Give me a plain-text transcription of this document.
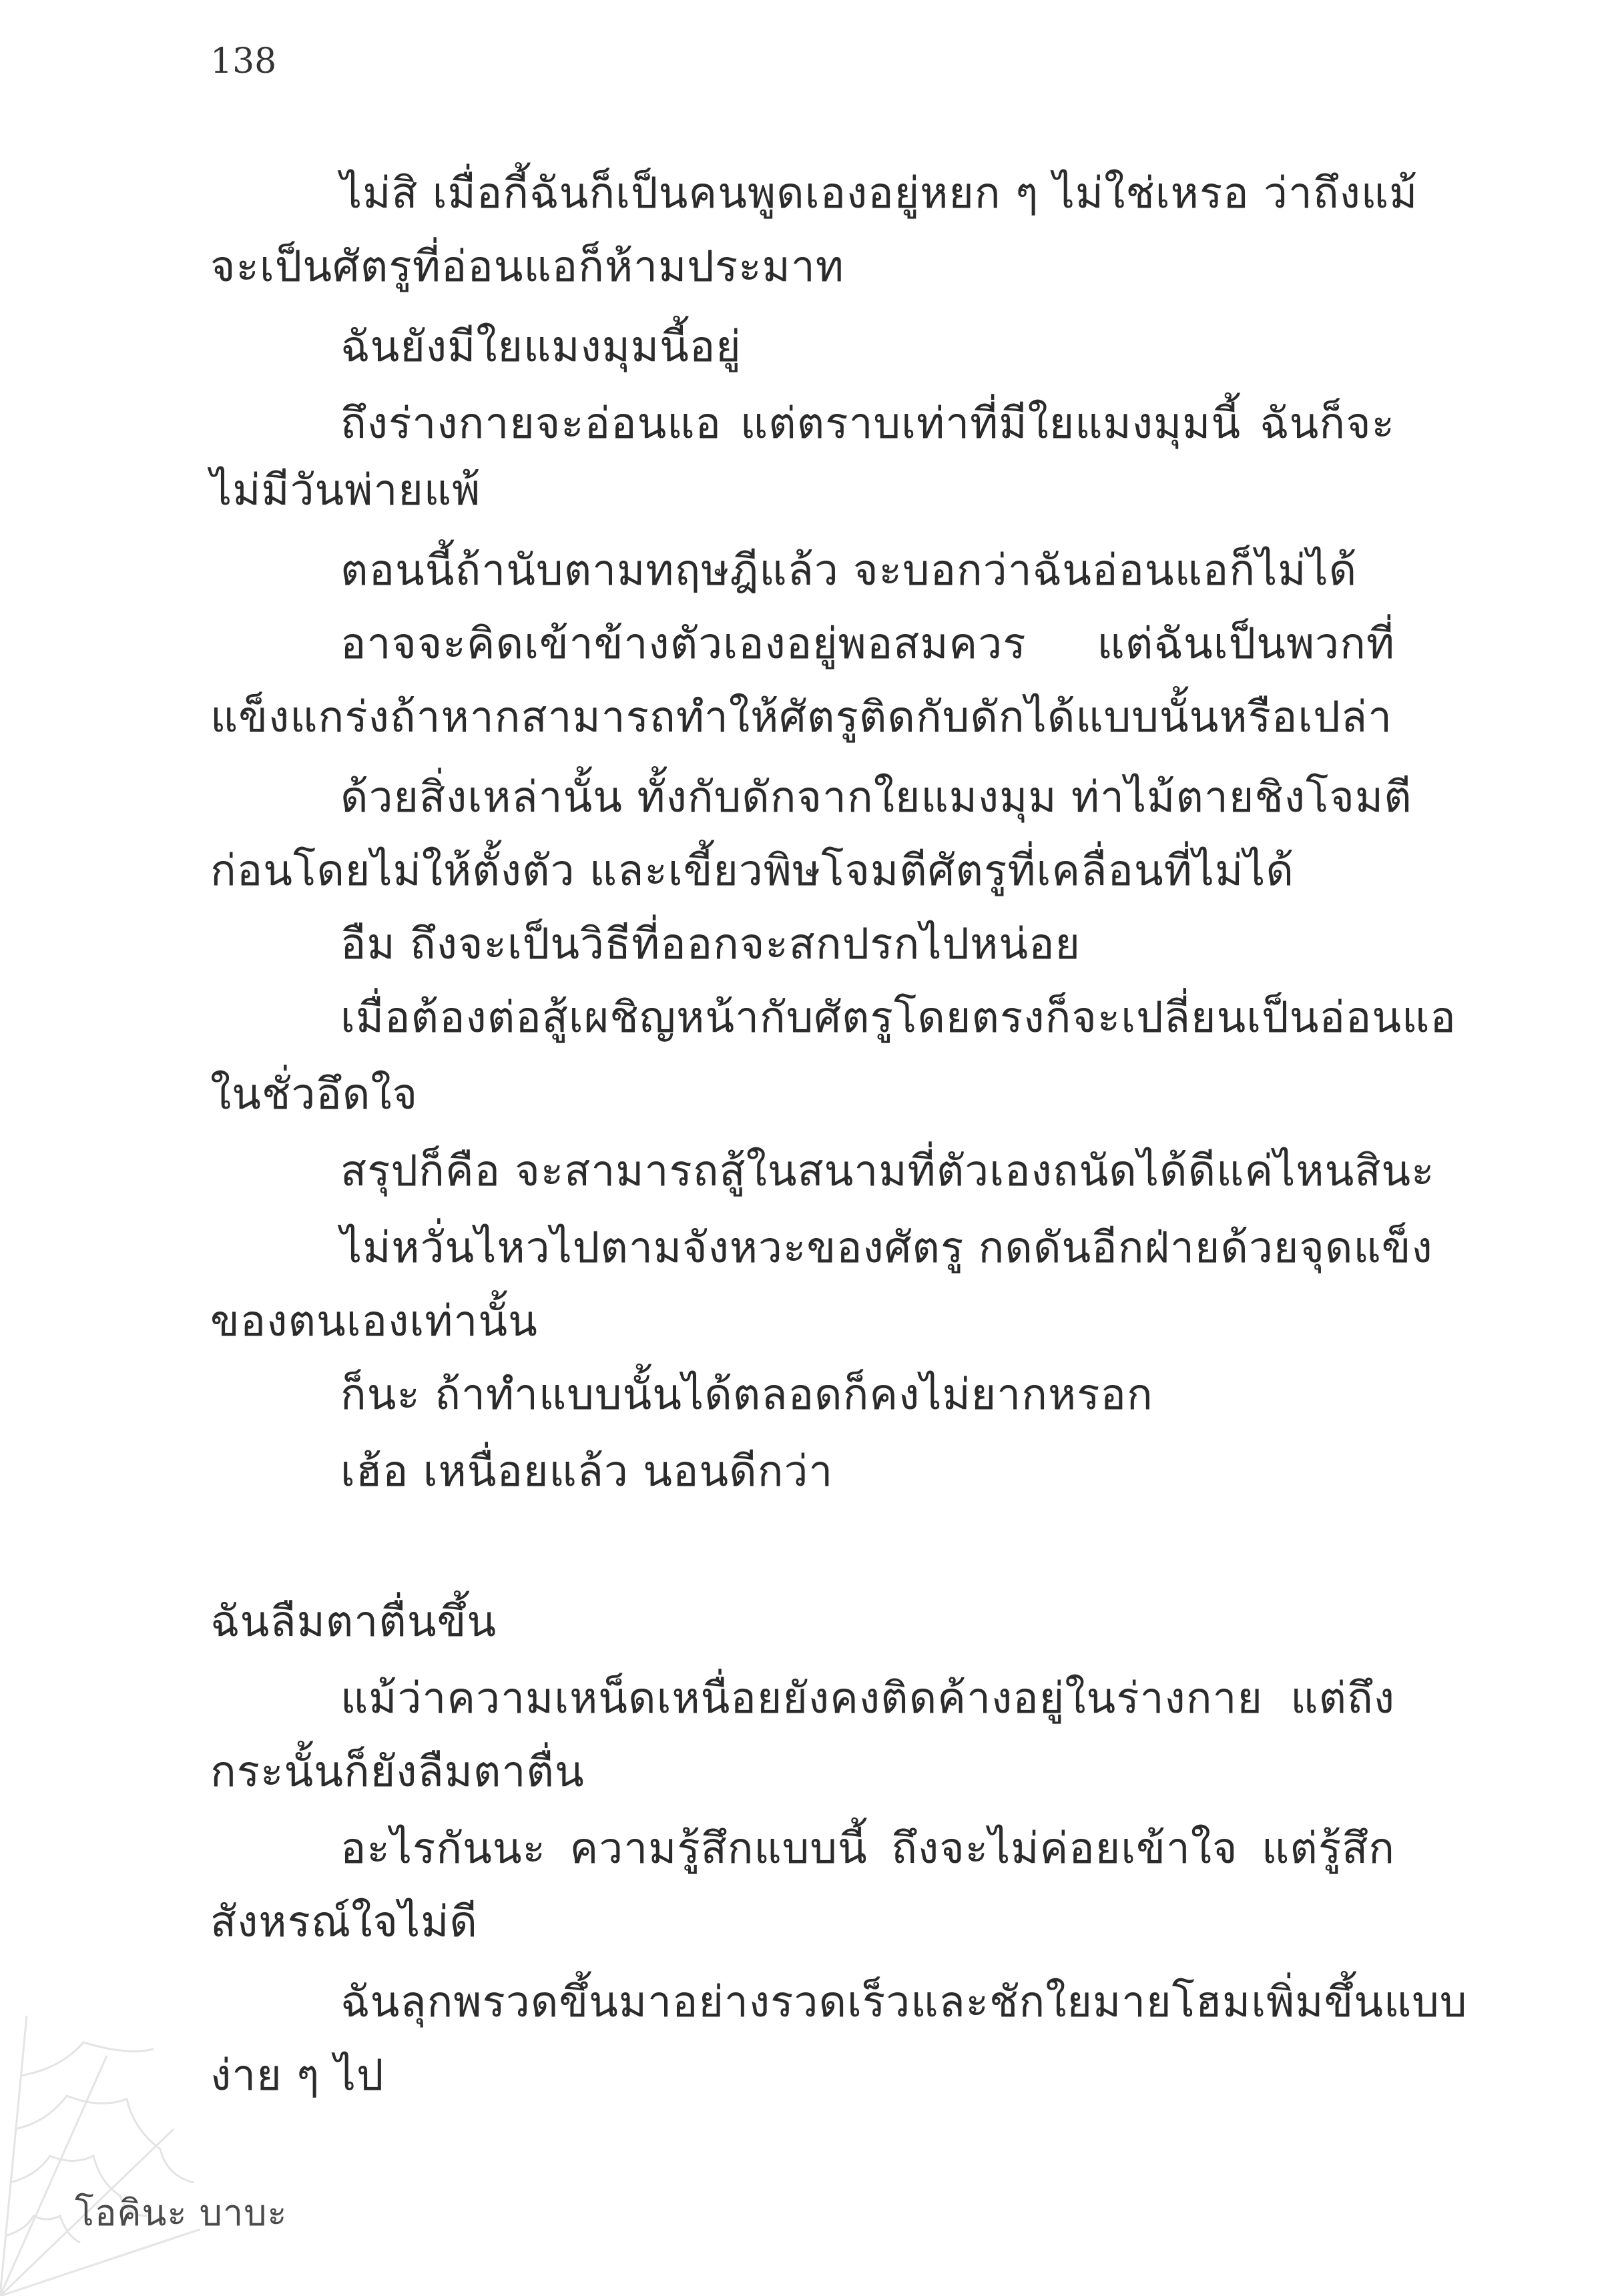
138
ไม่สิ เมื่อกี้ฉันก็เป็นคนพูดเองอยู่หยก ๆ ไม่ใช่เหรอ ว่าถึงแม้
จะเป็นศัตรูที่อ่อนแอก็ห้ามประมาท
ฉันยังมีใยแมงมุมนี้อยู่
ถึงร่างกายจะอ่อนแอ แต่ตราบเท่าที่มีใยแมงมุมนี้ ฉันก็จะ
ไม่มีวันพ่ายแพ้
ตอนนี้ถ้านับตามทฤษฎีแล้ว จะบอกว่าฉันอ่อนแอก็ไม่ได้
อาจจะคิดเข้าข้างตัวเองอยู่พอสมควร แต่ฉันเป็นพวกที่
แข็งแกร่งถ้าหากสามารถทำให้ศัตรูติดกับดักได้แบบนั้นหรือเปล่า
ด้วยสิ่งเหล่านั้น ทั้งกับดักจากใยแมงมุม ท่าไม้ตายชิงโจมตี
ก่อนโดยไม่ให้ตั้งตัว และเขี้ยวพิษโจมตีศัตรูที่เคลื่อนที่ไม่ได้
อืม ถึงจะเป็นวิธีที่ออกจะสกปรกไปหน่อย
เมื่อต้องต่อสู้เผชิญหน้ากับศัตรูโดยตรงก็จะเปลี่ยนเป็นอ่อนแอ
ในชั่วอึดใจ
สรุปก็คือ จะสามารถสู้ในสนามที่ตัวเองถนัดได้ดีแค่ไหนสินะ
ไม่หวั่นไหวไปตามจังหวะของศัตรู กดดันอีกฝ่ายด้วยจุดแข็ง
ของตนเองเท่านั้น
ก็นะ ถ้าทำแบบนั้นได้ตลอดก็คงไม่ยากหรอก
เฮ้อ เหนื่อยแล้ว นอนดีกว่า
ฉันลืมตาตื่นขึ้น
แม้ว่าความเหน็ดเหนื่อยยังคงติดค้างอยู่ในร่างกาย แต่ถึง
กระนั้นก็ยังลืมตาตื่น
อะไรกันนะ ความรู้สึกแบบนี้ ถึงจะไม่ค่อยเข้าใจ แต่รู้สึก
สังหรณ์ใจไม่ดี
ฉันลุกพรวดขึ้นมาอย่างรวดเร็วและชักใยมายโฮมเพิ่มขึ้นแบบ
ง่าย ๆ ไป
โอคินะ บาบะ
